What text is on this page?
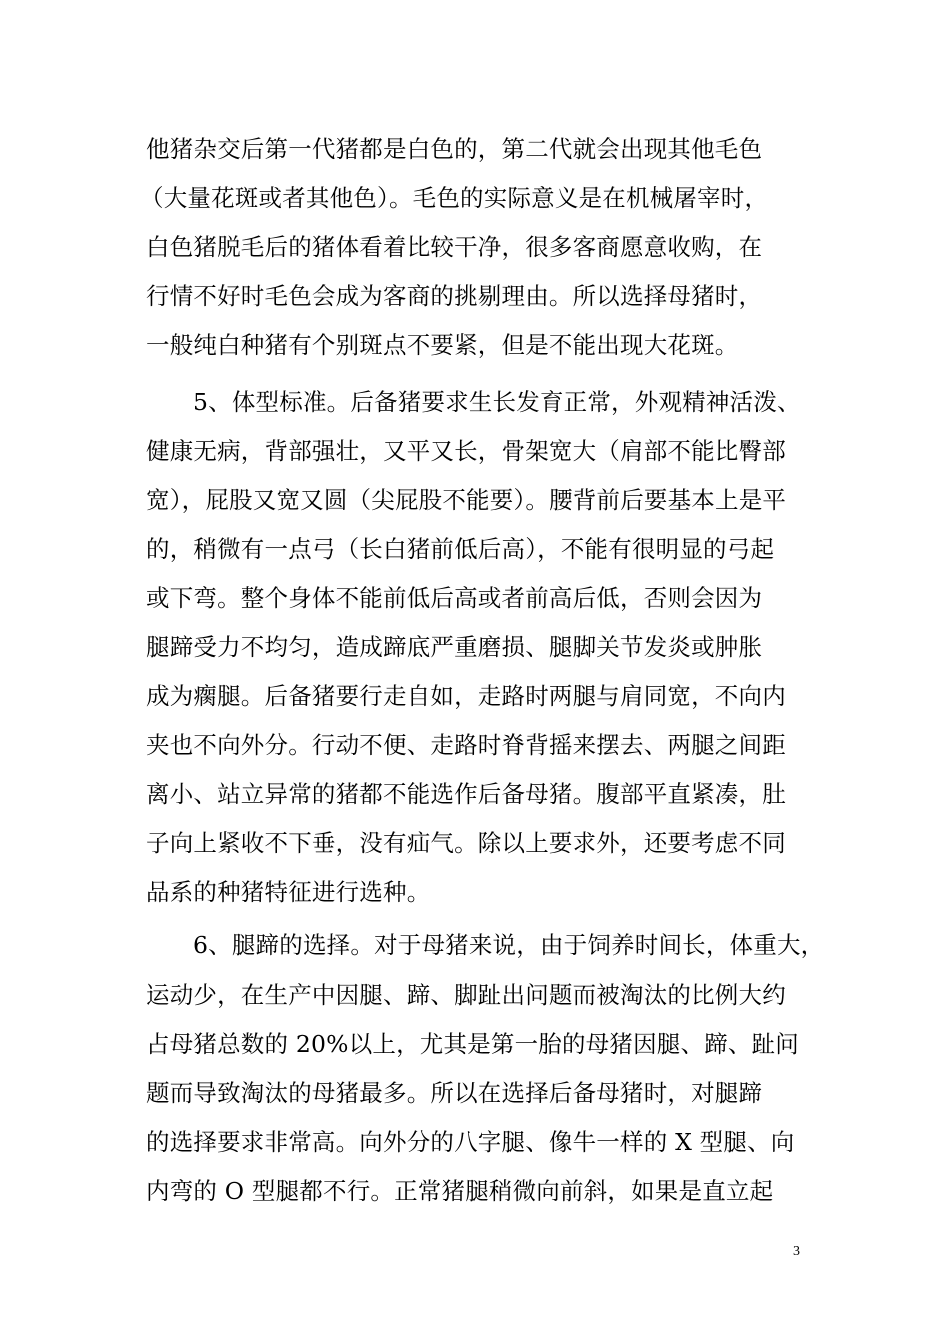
他猪杂交后第一代猪都是白色的，第二代就会出现其他毛色
（大量花斑或者其他色）。毛色的实际意义是在机械屠宰时，
白色猪脱毛后的猪体看着比较干净，很多客商愿意收购，在
行情不好时毛色会成为客商的挑剔理由。所以选择母猪时，
一般纯白种猪有个别斑点不要紧，但是不能出现大花斑。
5、体型标准。后备猪要求生长发育正常，外观精神活泼、
健康无病，背部强壮，又平又长，骨架宽大（肩部不能比臀部
宽），屁股又宽又圆（尖屁股不能要）。腰背前后要基本上是平
的，稍微有一点弓（长白猪前低后高），不能有很明显的弓起
或下弯。整个身体不能前低后高或者前高后低，否则会因为
腿蹄受力不均匀，造成蹄底严重磨损、腿脚关节发炎或肿胀
成为瘸腿。后备猪要行走自如，走路时两腿与肩同宽，不向内
夹也不向外分。行动不便、走路时脊背摇来摆去、两腿之间距
离小、站立异常的猪都不能选作后备母猪。腹部平直紧凑，肚
子向上紧收不下垂，没有疝气。除以上要求外，还要考虑不同
品系的种猪特征进行选种。
6、腿蹄的选择。对于母猪来说，由于饲养时间长，体重大，
运动少，在生产中因腿、蹄、脚趾出问题而被淘汰的比例大约
占母猪总数的 20%以上，尤其是第一胎的母猪因腿、蹄、趾问
题而导致淘汰的母猪最多。所以在选择后备母猪时，对腿蹄
的选择要求非常高。向外分的八字腿、像牛一样的 X 型腿、向
内弯的 O 型腿都不行。正常猪腿稍微向前斜，如果是直立起
3
